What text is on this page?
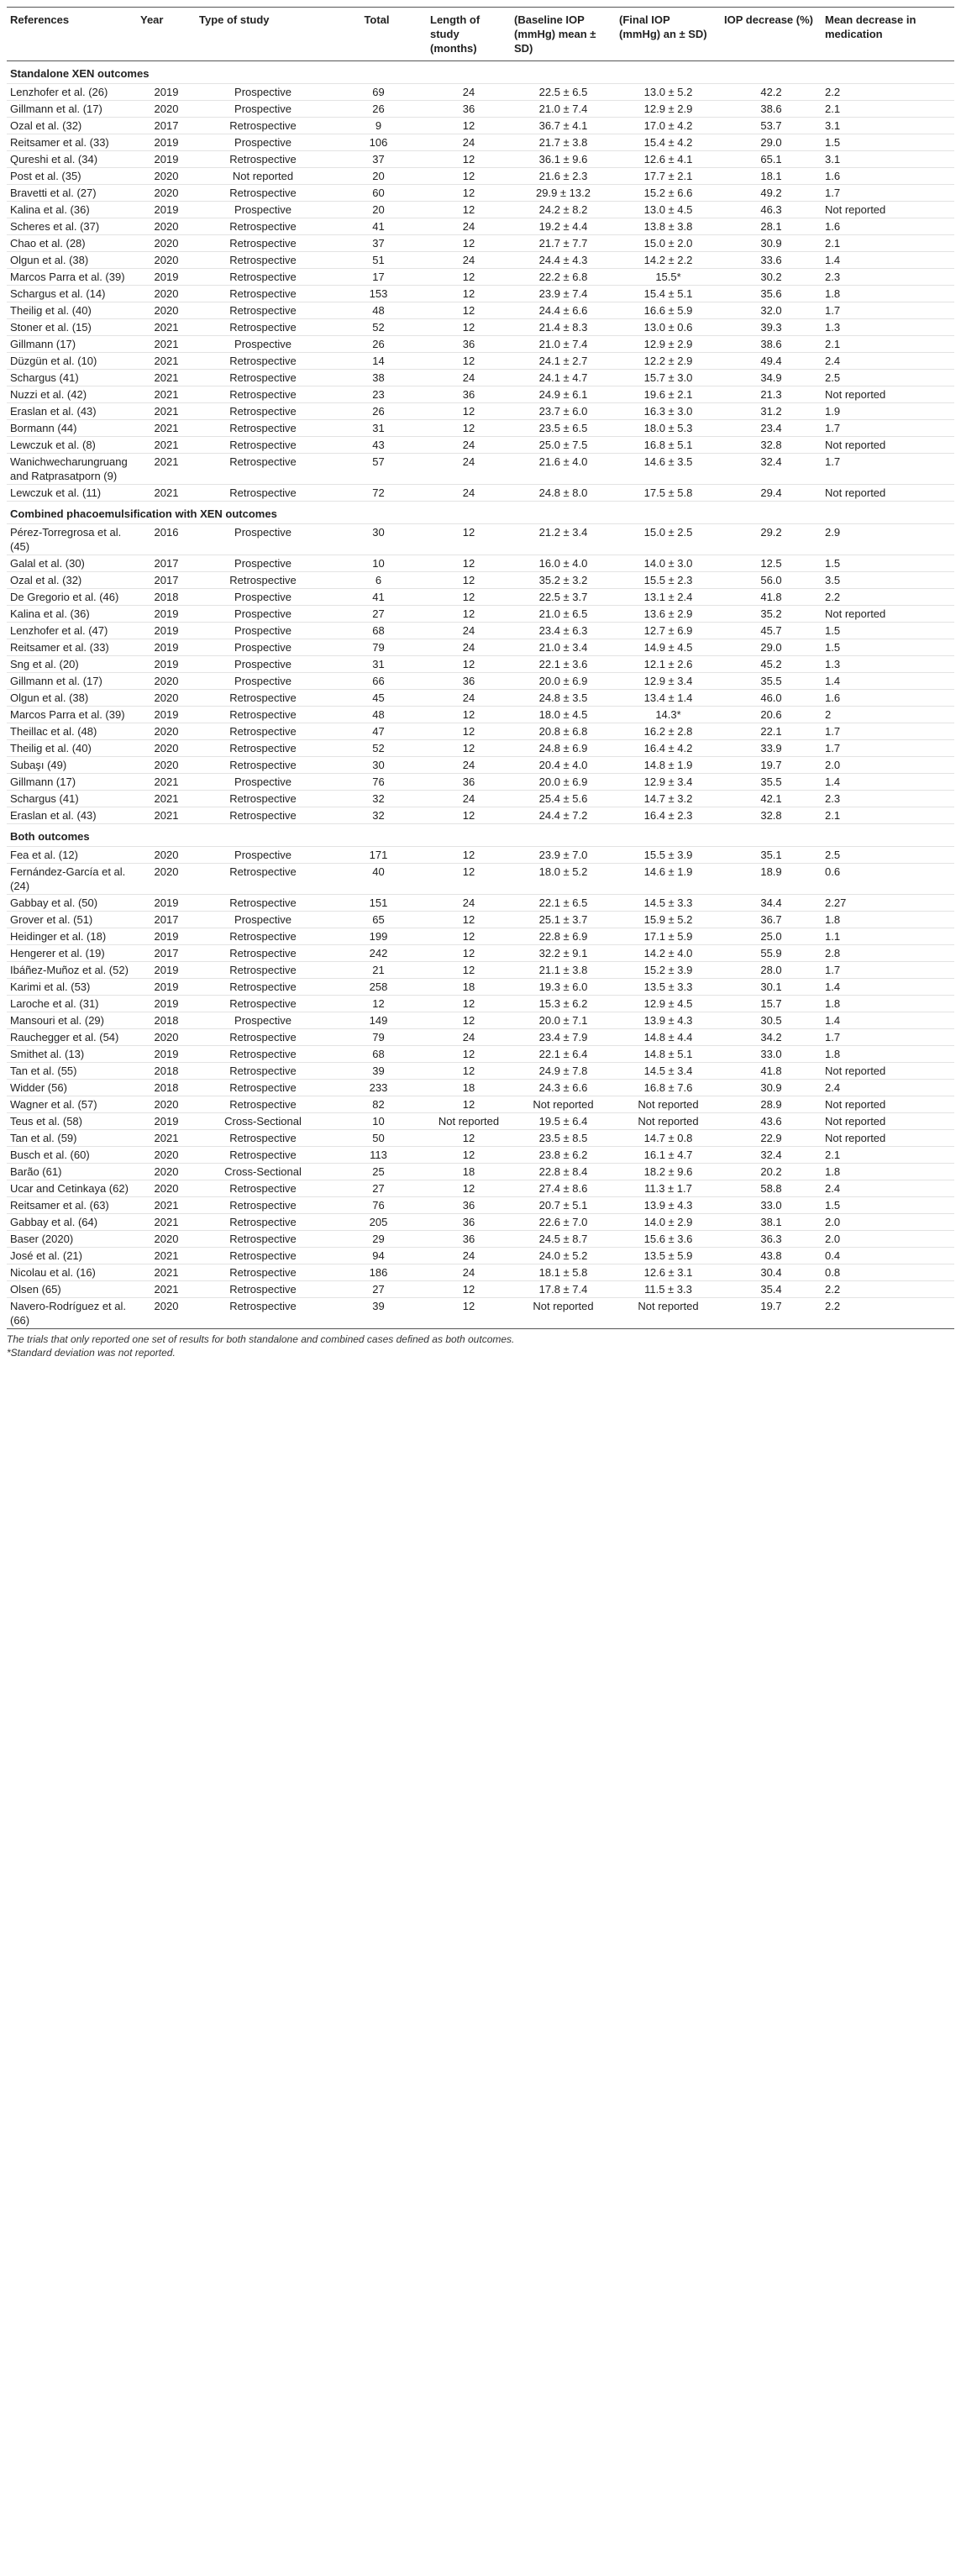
References	Year	Type of study	Total	Length of study (months)	(Baseline IOP (mmHg) mean ± SD)	(Final IOP (mmHg) an ± SD)	IOP decrease (%)	Mean decrease in medication
Standalone XEN outcomes								
Lenzhofer et al. (26)	2019	Prospective	69	24	22.5 ± 6.5	13.0 ± 5.2	42.2	2.2
Gillmann et al. (17)	2020	Prospective	26	36	21.0 ± 7.4	12.9 ± 2.9	38.6	2.1
Ozal et al. (32)	2017	Retrospective	9	12	36.7 ± 4.1	17.0 ± 4.2	53.7	3.1
Reitsamer et al. (33)	2019	Prospective	106	24	21.7 ± 3.8	15.4 ± 4.2	29.0	1.5
Qureshi et al. (34)	2019	Retrospective	37	12	36.1 ± 9.6	12.6 ± 4.1	65.1	3.1
Post et al. (35)	2020	Not reported	20	12	21.6 ± 2.3	17.7 ± 2.1	18.1	1.6
Bravetti et al. (27)	2020	Retrospective	60	12	29.9 ± 13.2	15.2 ± 6.6	49.2	1.7
Kalina et al. (36)	2019	Prospective	20	12	24.2 ± 8.2	13.0 ± 4.5	46.3	Not reported
Scheres et al. (37)	2020	Retrospective	41	24	19.2 ± 4.4	13.8 ± 3.8	28.1	1.6
Chao et al. (28)	2020	Retrospective	37	12	21.7 ± 7.7	15.0 ± 2.0	30.9	2.1
Olgun et al. (38)	2020	Retrospective	51	24	24.4 ± 4.3	14.2 ± 2.2	33.6	1.4
Marcos Parra et al. (39)	2019	Retrospective	17	12	22.2 ± 6.8	15.5*	30.2	2.3
Schargus et al. (14)	2020	Retrospective	153	12	23.9 ± 7.4	15.4 ± 5.1	35.6	1.8
Theilig et al. (40)	2020	Retrospective	48	12	24.4 ± 6.6	16.6 ± 5.9	32.0	1.7
Stoner et al. (15)	2021	Retrospective	52	12	21.4 ± 8.3	13.0 ± 0.6	39.3	1.3
Gillmann (17)	2021	Prospective	26	36	21.0 ± 7.4	12.9 ± 2.9	38.6	2.1
Düzgün et al. (10)	2021	Retrospective	14	12	24.1 ± 2.7	12.2 ± 2.9	49.4	2.4
Schargus (41)	2021	Retrospective	38	24	24.1 ± 4.7	15.7 ± 3.0	34.9	2.5
Nuzzi et al. (42)	2021	Retrospective	23	36	24.9 ± 6.1	19.6 ± 2.1	21.3	Not reported
Eraslan et al. (43)	2021	Retrospective	26	12	23.7 ± 6.0	16.3 ± 3.0	31.2	1.9
Bormann (44)	2021	Retrospective	31	12	23.5 ± 6.5	18.0 ± 5.3	23.4	1.7
Lewczuk et al. (8)	2021	Retrospective	43	24	25.0 ± 7.5	16.8 ± 5.1	32.8	Not reported
Wanichwecharungruang and Ratprasatporn (9)	2021	Retrospective	57	24	21.6 ± 4.0	14.6 ± 3.5	32.4	1.7
Lewczuk et al. (11)	2021	Retrospective	72	24	24.8 ± 8.0	17.5 ± 5.8	29.4	Not reported
Combined phacoemulsification with XEN outcomes								
Pérez-Torregrosa et al. (45)	2016	Prospective	30	12	21.2 ± 3.4	15.0 ± 2.5	29.2	2.9
Galal et al. (30)	2017	Prospective	10	12	16.0 ± 4.0	14.0 ± 3.0	12.5	1.5
Ozal et al. (32)	2017	Retrospective	6	12	35.2 ± 3.2	15.5 ± 2.3	56.0	3.5
De Gregorio et al. (46)	2018	Prospective	41	12	22.5 ± 3.7	13.1 ± 2.4	41.8	2.2
Kalina et al. (36)	2019	Prospective	27	12	21.0 ± 6.5	13.6 ± 2.9	35.2	Not reported
Lenzhofer et al. (47)	2019	Prospective	68	24	23.4 ± 6.3	12.7 ± 6.9	45.7	1.5
Reitsamer et al. (33)	2019	Prospective	79	24	21.0 ± 3.4	14.9 ± 4.5	29.0	1.5
Sng et al. (20)	2019	Prospective	31	12	22.1 ± 3.6	12.1 ± 2.6	45.2	1.3
Gillmann et al. (17)	2020	Prospective	66	36	20.0 ± 6.9	12.9 ± 3.4	35.5	1.4
Olgun et al. (38)	2020	Retrospective	45	24	24.8 ± 3.5	13.4 ± 1.4	46.0	1.6
Marcos Parra et al. (39)	2019	Retrospective	48	12	18.0 ± 4.5	14.3*	20.6	2
Theillac et al. (48)	2020	Retrospective	47	12	20.8 ± 6.8	16.2 ± 2.8	22.1	1.7
Theilig et al. (40)	2020	Retrospective	52	12	24.8 ± 6.9	16.4 ± 4.2	33.9	1.7
Subaşı (49)	2020	Retrospective	30	24	20.4 ± 4.0	14.8 ± 1.9	19.7	2.0
Gillmann (17)	2021	Prospective	76	36	20.0 ± 6.9	12.9 ± 3.4	35.5	1.4
Schargus (41)	2021	Retrospective	32	24	25.4 ± 5.6	14.7 ± 3.2	42.1	2.3
Eraslan et al. (43)	2021	Retrospective	32	12	24.4 ± 7.2	16.4 ± 2.3	32.8	2.1
Both outcomes								
Fea et al. (12)	2020	Prospective	171	12	23.9 ± 7.0	15.5 ± 3.9	35.1	2.5
Fernández-García et al. (24)	2020	Retrospective	40	12	18.0 ± 5.2	14.6 ± 1.9	18.9	0.6
Gabbay et al. (50)	2019	Retrospective	151	24	22.1 ± 6.5	14.5 ± 3.3	34.4	2.27
Grover et al. (51)	2017	Prospective	65	12	25.1 ± 3.7	15.9 ± 5.2	36.7	1.8
Heidinger et al. (18)	2019	Retrospective	199	12	22.8 ± 6.9	17.1 ± 5.9	25.0	1.1
Hengerer et al. (19)	2017	Retrospective	242	12	32.2 ± 9.1	14.2 ± 4.0	55.9	2.8
Ibáñez-Muñoz et al. (52)	2019	Retrospective	21	12	21.1 ± 3.8	15.2 ± 3.9	28.0	1.7
Karimi et al. (53)	2019	Retrospective	258	18	19.3 ± 6.0	13.5 ± 3.3	30.1	1.4
Laroche et al. (31)	2019	Retrospective	12	12	15.3 ± 6.2	12.9 ± 4.5	15.7	1.8
Mansouri et al. (29)	2018	Prospective	149	12	20.0 ± 7.1	13.9 ± 4.3	30.5	1.4
Rauchegger et al. (54)	2020	Retrospective	79	24	23.4 ± 7.9	14.8 ± 4.4	34.2	1.7
Smithet al. (13)	2019	Retrospective	68	12	22.1 ± 6.4	14.8 ± 5.1	33.0	1.8
Tan et al. (55)	2018	Retrospective	39	12	24.9 ± 7.8	14.5 ± 3.4	41.8	Not reported
Widder (56)	2018	Retrospective	233	18	24.3 ± 6.6	16.8 ± 7.6	30.9	2.4
Wagner et al. (57)	2020	Retrospective	82	12	Not reported	Not reported	28.9	Not reported
Teus et al. (58)	2019	Cross-Sectional	10	Not reported	19.5 ± 6.4	Not reported	43.6	Not reported
Tan et al. (59)	2021	Retrospective	50	12	23.5 ± 8.5	14.7 ± 0.8	22.9	Not reported
Busch et al. (60)	2020	Retrospective	113	12	23.8 ± 6.2	16.1 ± 4.7	32.4	2.1
Barão (61)	2020	Cross-Sectional	25	18	22.8 ± 8.4	18.2 ± 9.6	20.2	1.8
Ucar and Cetinkaya (62)	2020	Retrospective	27	12	27.4 ± 8.6	11.3 ± 1.7	58.8	2.4
Reitsamer et al. (63)	2021	Retrospective	76	36	20.7 ± 5.1	13.9 ± 4.3	33.0	1.5
Gabbay et al. (64)	2021	Retrospective	205	36	22.6 ± 7.0	14.0 ± 2.9	38.1	2.0
Baser (2020)	2020	Retrospective	29	36	24.5 ± 8.7	15.6 ± 3.6	36.3	2.0
José et al. (21)	2021	Retrospective	94	24	24.0 ± 5.2	13.5 ± 5.9	43.8	0.4
Nicolau et al. (16)	2021	Retrospective	186	24	18.1 ± 5.8	12.6 ± 3.1	30.4	0.8
Olsen (65)	2021	Retrospective	27	12	17.8 ± 7.4	11.5 ± 3.3	35.4	2.2
Navero-Rodríguez et al. (66)	2020	Retrospective	39	12	Not reported	Not reported	19.7	2.2
The trials that only reported one set of results for both standalone and combined cases defined as both outcomes.
*Standard deviation was not reported.
